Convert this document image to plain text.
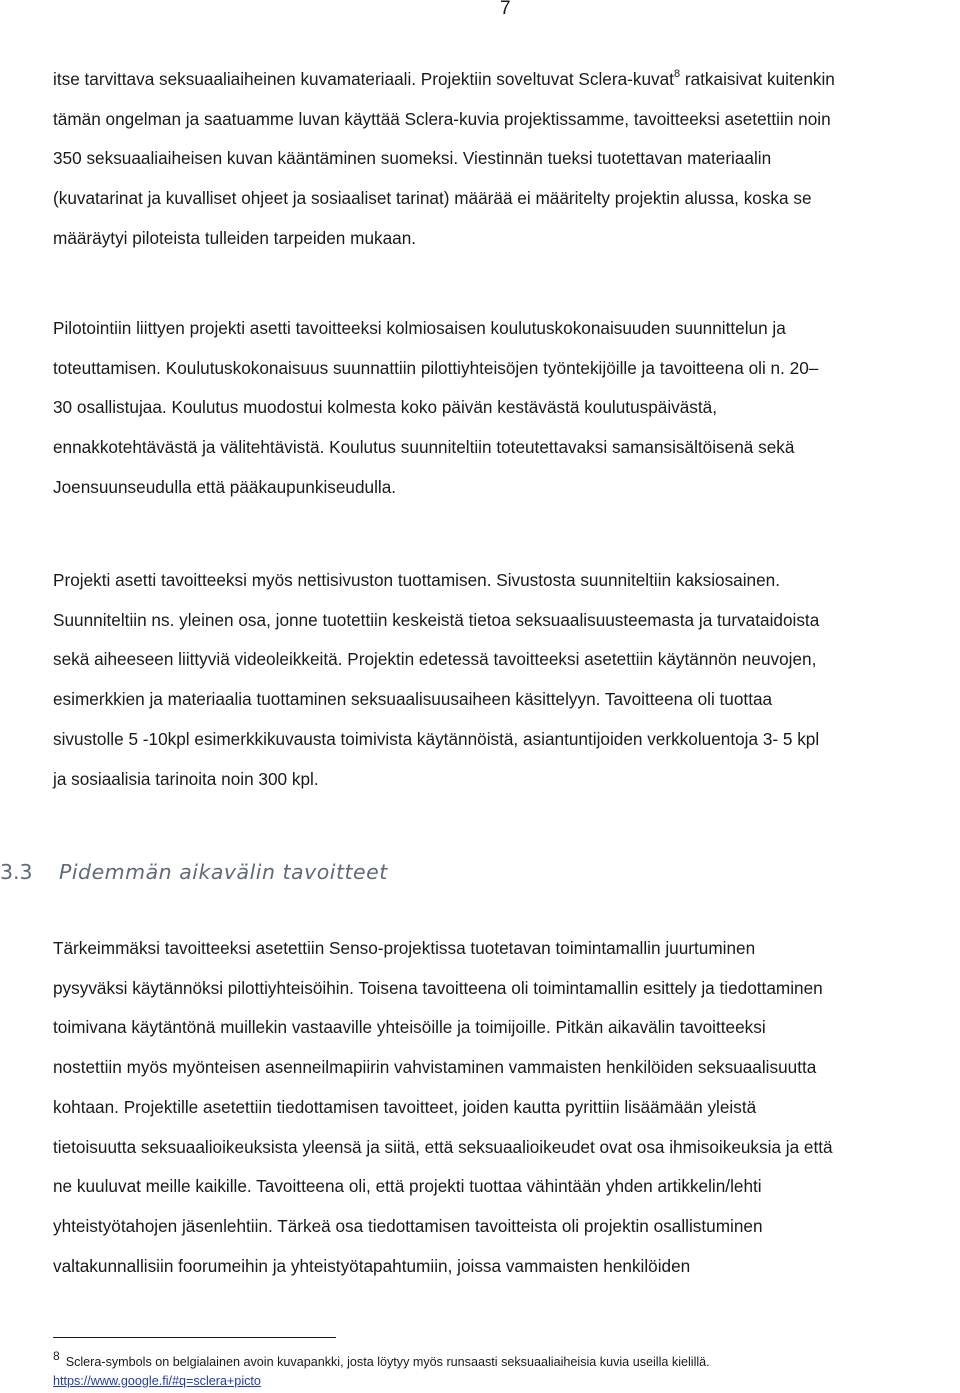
7
itse tarvittava seksuaaliaiheinen kuvamateriaali. Projektiin soveltuvat Sclera-kuvat$^8$ ratkaisivat kuitenkin
tämän ongelman ja saatuamme luvan käyttää Sclera-kuvia projektissamme, tavoitteeksi asetettiin noin
350 seksuaaliaiheisen kuvan kääntäminen suomeksi. Viestinnän tueksi tuotettavan materiaalin
(kuvatarinat ja kuvalliset ohjeet ja sosiaaliset tarinat) määrää ei määritelty projektin alussa, koska se
määräytyi piloteista tulleiden tarpeiden mukaan.
Pilotointiin liittyen projekti asetti tavoitteeksi kolmiosaisen koulutuskokonaisuuden suunnittelun ja
toteuttamisen. Koulutuskokonaisuus suunnattiin pilottiyhteisöjen työntekijöille ja tavoitteena oli n. 20–
30 osallistujaa. Koulutus muodostui kolmesta koko päivän kestävästä koulutuspäivästä,
ennakkotehtävästä ja välitehtävistä. Koulutus suunniteltiin toteutettavaksi samansisältöisenä sekä
Joensuunseudulla että pääkaupunkiseudulla.
Projekti asetti tavoitteeksi myös nettisivuston tuottamisen. Sivustosta suunniteltiin kaksiosainen.
Suunniteltiin ns. yleinen osa, jonne tuotettiin keskeistä tietoa seksuaalisuusteemasta ja turvataidoista
sekä aiheeseen liittyviä videoleikkeitä. Projektin edetessä tavoitteeksi asetettiin käytännön neuvojen,
esimerkkien ja materiaalia tuottaminen seksuaalisuusaiheen käsittelyyn. Tavoitteena oli tuottaa
sivustolle 5 -10kpl esimerkkikuvausta toimivista käytännöistä, asiantuntijoiden verkkoluentoja 3- 5 kpl
ja sosiaalisia tarinoita noin 300 kpl.
3.3 Pidemmän aikavälin tavoitteet
Tärkeimmäksi tavoitteeksi asetettiin Senso-projektissa tuotetavan toimintamallin juurtuminen
pysyväksi käytännöksi pilottiyhteisöihin. Toisena tavoitteena oli toimintamallin esittely ja tiedottaminen
toimivana käytäntönä muillekin vastaaville yhteisöille ja toimijoille. Pitkän aikavälin tavoitteeksi
nostettiin myös myönteisen asenneilmapiirin vahvistaminen vammaisten henkilöiden seksuaalisuutta
kohtaan. Projektille asetettiin tiedottamisen tavoitteet, joiden kautta pyrittiin lisäämään yleistä
tietoisuutta seksuaalioikeuksista yleensä ja siitä, että seksuaalioikeudet ovat osa ihmisoikeuksia ja että
ne kuuluvat meille kaikille. Tavoitteena oli, että projekti tuottaa vähintään yhden artikkelin/lehti
yhteistyötahojen jäsenlehtiin. Tärkeä osa tiedottamisen tavoitteista oli projektin osallistuminen
valtakunnallisiin foorumeihin ja yhteistyötapahtumiin, joissa vammaisten henkilöiden
8 Sclera-symbols on belgialainen avoin kuvapankki, josta löytyy myös runsaasti seksuaaliaiheisia kuvia useilla kielillä.
https://www.google.fi/#q=sclera+picto
